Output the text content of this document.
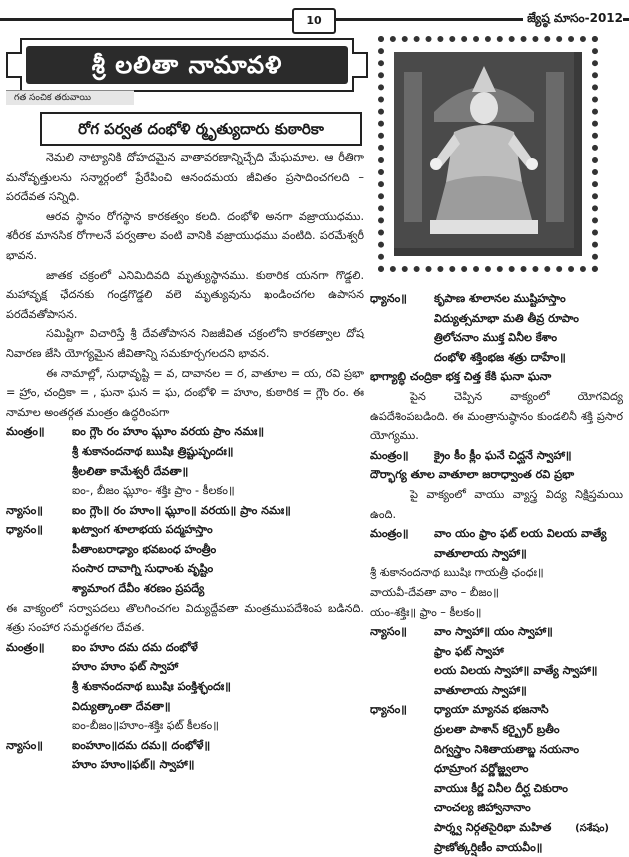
10	జ్యేష్ఠ మాసం-2012
శ్రీ లలితా నామావళి
గత సంచిక తరువాయి
రోగ పర్వత దంభోళి ర్మృత్యుదారు కుఠారికా

నెమలి నాట్యానికి దోహదమైన వాతావరణాన్నిచ్చేది మేఘమాల. ఆ రీతిగా మనోవృత్తులను సన్మార్గంలో ప్రేరేపించి ఆనందమయ జీవితం ప్రసాదించగలది – పరదేవత సన్నిధి.

ఆరవ స్థానం రోగస్థాన కారకత్వం కలది. దంభోళి అనగా వజ్రాయుధము. శరీరక మానసిక రోగాలనే పర్వతాల వంటి వానికి వజ్రాయుధము వంటిది. పరమేశ్వరీ భావన.

జాతక చక్రంలో ఎనిమిదివది మృత్యుస్థానము. కుఠారిక యనగా గొడ్డలి. మహావృక్ష ఛేదనకు గండ్రగొడ్డలి వలె మృత్యువును ఖండించగల ఉపాసన పరదేవతోపాసన.

సమిష్టిగా విచారిస్తే శ్రీ దేవతోపాసన నిజజీవిత చక్రంలోని కారకత్వాల దోష నివారణ జేసి యోగ్యమైన జీవితాన్ని సమకూర్చగలదని భావన.

ఈ నామాల్లో, సుధావృష్టి = వ, దావానల = ర, వాతూల = య, రవి ప్రభా = హ్రాం, చంద్రికా = , ఘనా ఘన = ఘ, దంభోళి = హూం, కుఠారిక = గ్లౌం రం. ఈ నామాల అంతర్గత మంత్రం ఉద్ధరింపగా

మంత్రం॥	ఐం గ్లౌం రం హూం ఘ్లూం వరయ ప్రాం నమః॥
శ్రీ శుకానందనాథ ఋషిః త్రిష్టుప్ఛందః॥
శ్రీలలితా కామేశ్వరీ దేవతా॥
ఐం-, బీజం ఘ్లూం- శక్తిః ప్రాం - కీలకం॥
న్యాసం॥	ఐం గ్లౌం॥ రం హూం॥ ఘ్లూం॥ వరయ॥ ప్రాం నమః॥
ధ్యానం॥	ఖట్వాంగ శూలాభయ పద్మహస్తాం
పీతాంబరాఢ్యాం భవబంధ హంత్రీం
సంసార దావాగ్ని సుధాంశు వృష్టిం
శ్యామాంగ దేవీం శరణం ప్రపద్యే

ఈ వాక్యంలో సర్వాపదలు తొలగించగల విద్యుద్దేవతా మంత్రముపదేశింప బడినది. శత్రు సంహార సమర్థతగల దేవత.

మంత్రం॥	ఐం హూం దమ దమ దంభోళే
హూం హూం ఫట్ స్వాహా
శ్రీ శుకానందనాథ ఋషిః పంక్తిశ్ఛందః॥
విద్యుత్కాంతా దేవతా॥
ఐం-బీజం॥హూం-శక్తిః ఫట్ కీలకం॥
న్యాసం॥	ఐంహూం॥దమ దమ॥ దంభోళే॥
హూం హూం॥ఫట్॥ స్వాహా॥
ధ్యానం॥	కృపాణ శూలానల ముష్టిహస్తాం
విద్యుత్సమాభా మతి తీవ్ర రూపాం
త్రిలోచనాం ముక్త వినీల కేశాం
దంభోళి శక్తింభజ శత్రు దాహేం॥
భాగ్యాబ్ధి చంద్రికా భక్త చిత్త కేకి ఘనా ఘనా

పైన చెప్పిన వాక్యంలో యోగవిద్య ఉపదేశింపబడింది. ఈ మంత్రానుష్ఠానం కుండలినీ శక్తి ప్రసార యోగ్యము.

మంత్రం॥	క్రైం కీం క్లీం ఘనే చిద్ఘనే స్వాహా॥
దౌర్భాగ్య తూల వాతూలా జరాధ్వాంత రవి ప్రభా

పై వాక్యంలో వాయు వ్యాస్త్ర విద్య నిక్షిప్తమయి ఉంది.

మంత్రం॥	వాం యం ఫ్రాం ఫట్ లయ విలయ వాత్యే
వాతూలాయ స్వాహా॥
శ్రీ శుకానందనాథ ఋషిః గాయత్రీ ఛంధః॥
వాయవీ-దేవతా వాం – బీజం॥
యం-శక్తిః॥ ఫ్రాం – కీలకం॥
న్యాసం॥	వాం స్వాహా॥ యం స్వాహా॥
ఫ్రాం ఫట్ స్వాహా
లయ విలయ స్వాహా॥ వాత్యే స్వాహా॥
వాతూలాయ స్వాహా॥
ధ్యానం॥	ధ్యాయా మ్యానవ భజనాసి
ద్రులతా పాశాన్ కర్బ్రైర్ బ్రతీం
దిగ్వస్త్రాం నిశితాయతాబ్జ నయనాం
ధూమ్రాంగ వర్ణోజ్జ్వలాం
వాయుః కీర్ణ వినీల దీర్ఘ చికురాం
చాంచల్య జిహ్వానానాం
పార్శ్వ నిర్గతసైరిభా మహిత
ప్రాణోత్కర్షిణీం వాయవీం॥
(సశేషం)
